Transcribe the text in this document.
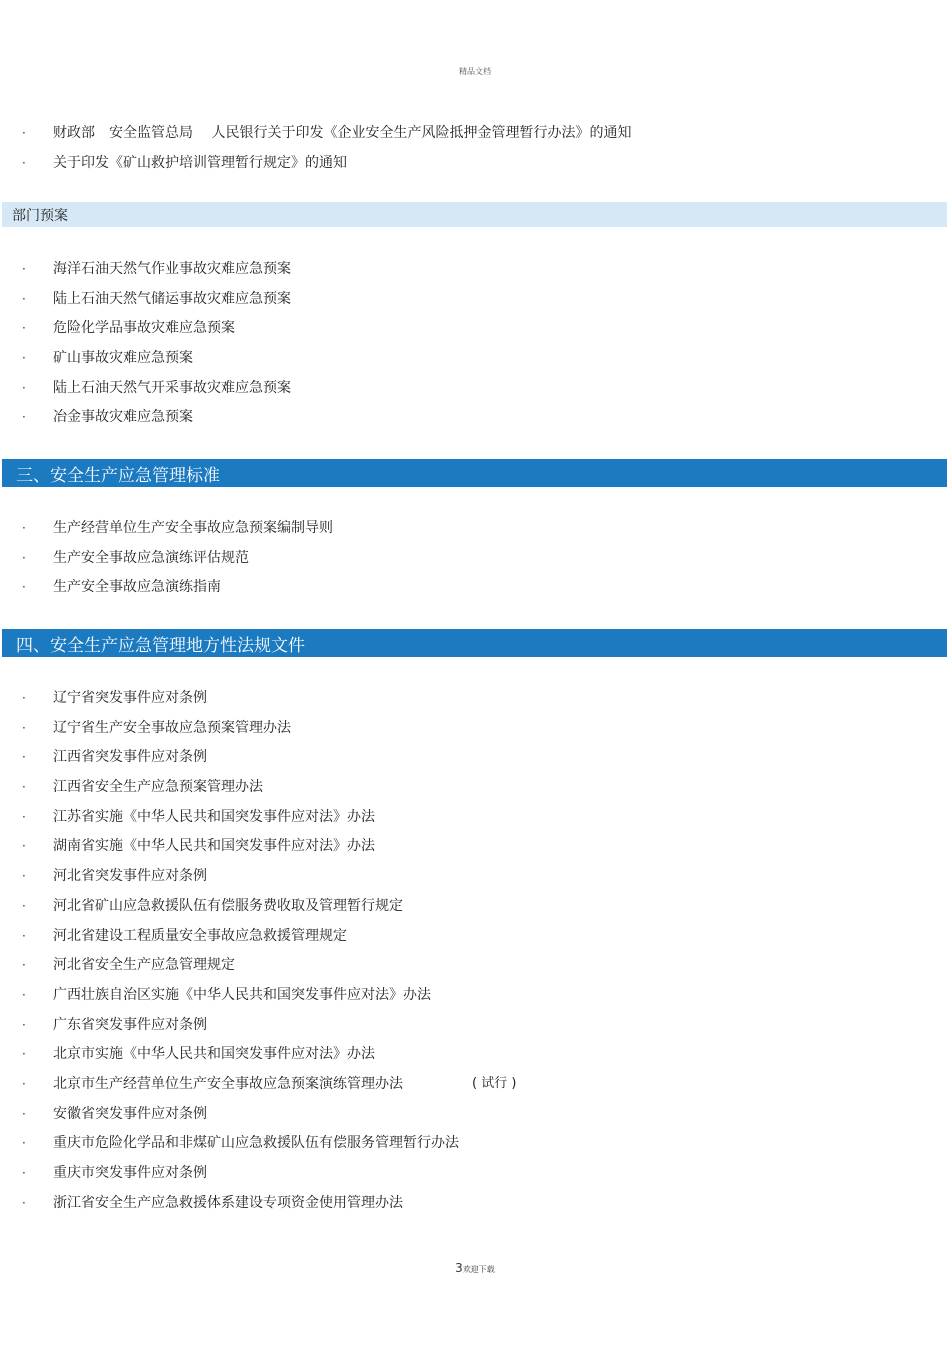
精品文档
· 财政部　安全监管总局　 人民银行关于印发《企业安全生产风险抵押金管理暂行办法》的通知
· 关于印发《矿山救护培训管理暂行规定》的通知
部门预案
· 海洋石油天然气作业事故灾难应急预案
· 陆上石油天然气储运事故灾难应急预案
· 危险化学品事故灾难应急预案
· 矿山事故灾难应急预案
· 陆上石油天然气开采事故灾难应急预案
· 冶金事故灾难应急预案
三、安全生产应急管理标准
· 生产经营单位生产安全事故应急预案编制导则
· 生产安全事故应急演练评估规范
· 生产安全事故应急演练指南
四、安全生产应急管理地方性法规文件
· 辽宁省突发事件应对条例
· 辽宁省生产安全事故应急预案管理办法
· 江西省突发事件应对条例
· 江西省安全生产应急预案管理办法
· 江苏省实施《中华人民共和国突发事件应对法》办法
· 湖南省实施《中华人民共和国突发事件应对法》办法
· 河北省突发事件应对条例
· 河北省矿山应急救援队伍有偿服务费收取及管理暂行规定
· 河北省建设工程质量安全事故应急救援管理规定
· 河北省安全生产应急管理规定
· 广西壮族自治区实施《中华人民共和国突发事件应对法》办法
· 广东省突发事件应对条例
· 北京市实施《中华人民共和国突发事件应对法》办法
· 北京市生产经营单位生产安全事故应急预案演练管理办法	( 试行 )
· 安徽省突发事件应对条例
· 重庆市危险化学品和非煤矿山应急救援队伍有偿服务管理暂行办法
· 重庆市突发事件应对条例
· 浙江省安全生产应急救援体系建设专项资金使用管理办法
3欢迎下载
